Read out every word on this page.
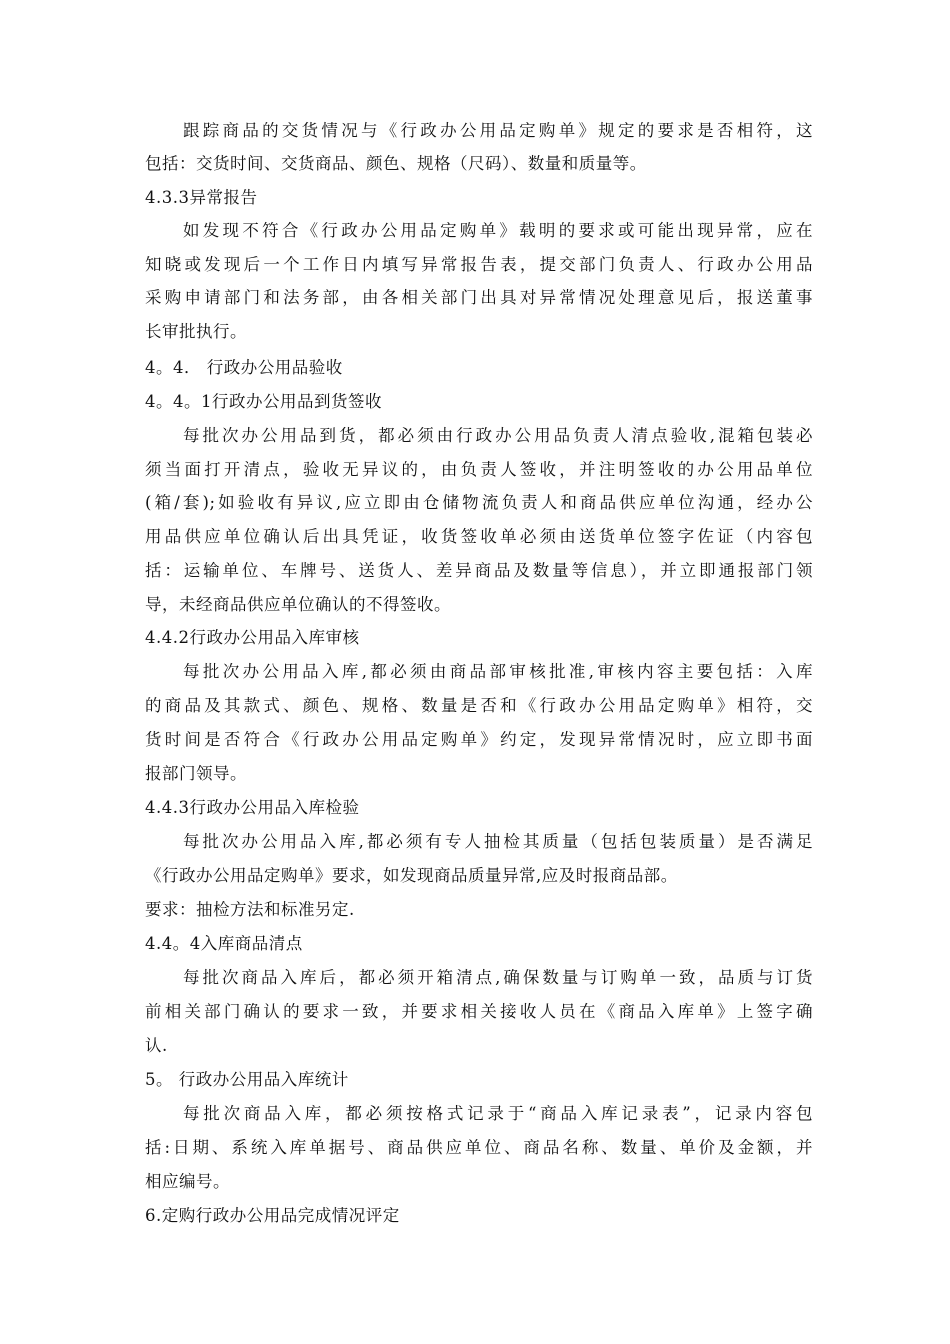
跟踪商品的交货情况与《行政办公用品定购单》规定的要求是否相符，这
包括：交货时间、交货商品、颜色、规格（尺码）、数量和质量等。
4.3.3异常报告
如发现不符合《行政办公用品定购单》载明的要求或可能出现异常，应在
知晓或发现后一个工作日内填写异常报告表，提交部门负责人、行政办公用品
采购申请部门和法务部，由各相关部门出具对异常情况处理意见后，报送董事
长审批执行。
4。4． 行政办公用品验收
4。4。1行政办公用品到货签收
每批次办公用品到货，都必须由行政办公用品负责人清点验收,混箱包装必
须当面打开清点，验收无异议的，由负责人签收，并注明签收的办公用品单位
(箱/套);如验收有异议,应立即由仓储物流负责人和商品供应单位沟通，经办公
用品供应单位确认后出具凭证，收货签收单必须由送货单位签字佐证（内容包
括：运输单位、车牌号、送货人、差异商品及数量等信息），并立即通报部门领
导，未经商品供应单位确认的不得签收。
4.4.2行政办公用品入库审核
每批次办公用品入库,都必须由商品部审核批准,审核内容主要包括：入库
的商品及其款式、颜色、规格、数量是否和《行政办公用品定购单》相符，交
货时间是否符合《行政办公用品定购单》约定，发现异常情况时，应立即书面
报部门领导。
4.4.3行政办公用品入库检验
每批次办公用品入库,都必须有专人抽检其质量（包括包装质量）是否满足
《行政办公用品定购单》要求，如发现商品质量异常,应及时报商品部。
要求：抽检方法和标准另定.
4.4。4入库商品清点
每批次商品入库后，都必须开箱清点,确保数量与订购单一致，品质与订货
前相关部门确认的要求一致，并要求相关接收人员在《商品入库单》上签字确
认.
5。 行政办公用品入库统计
每批次商品入库，都必须按格式记录于“商品入库记录表”，记录内容包
括:日期、系统入库单据号、商品供应单位、商品名称、数量、单价及金额，并
相应编号。
6.定购行政办公用品完成情况评定
